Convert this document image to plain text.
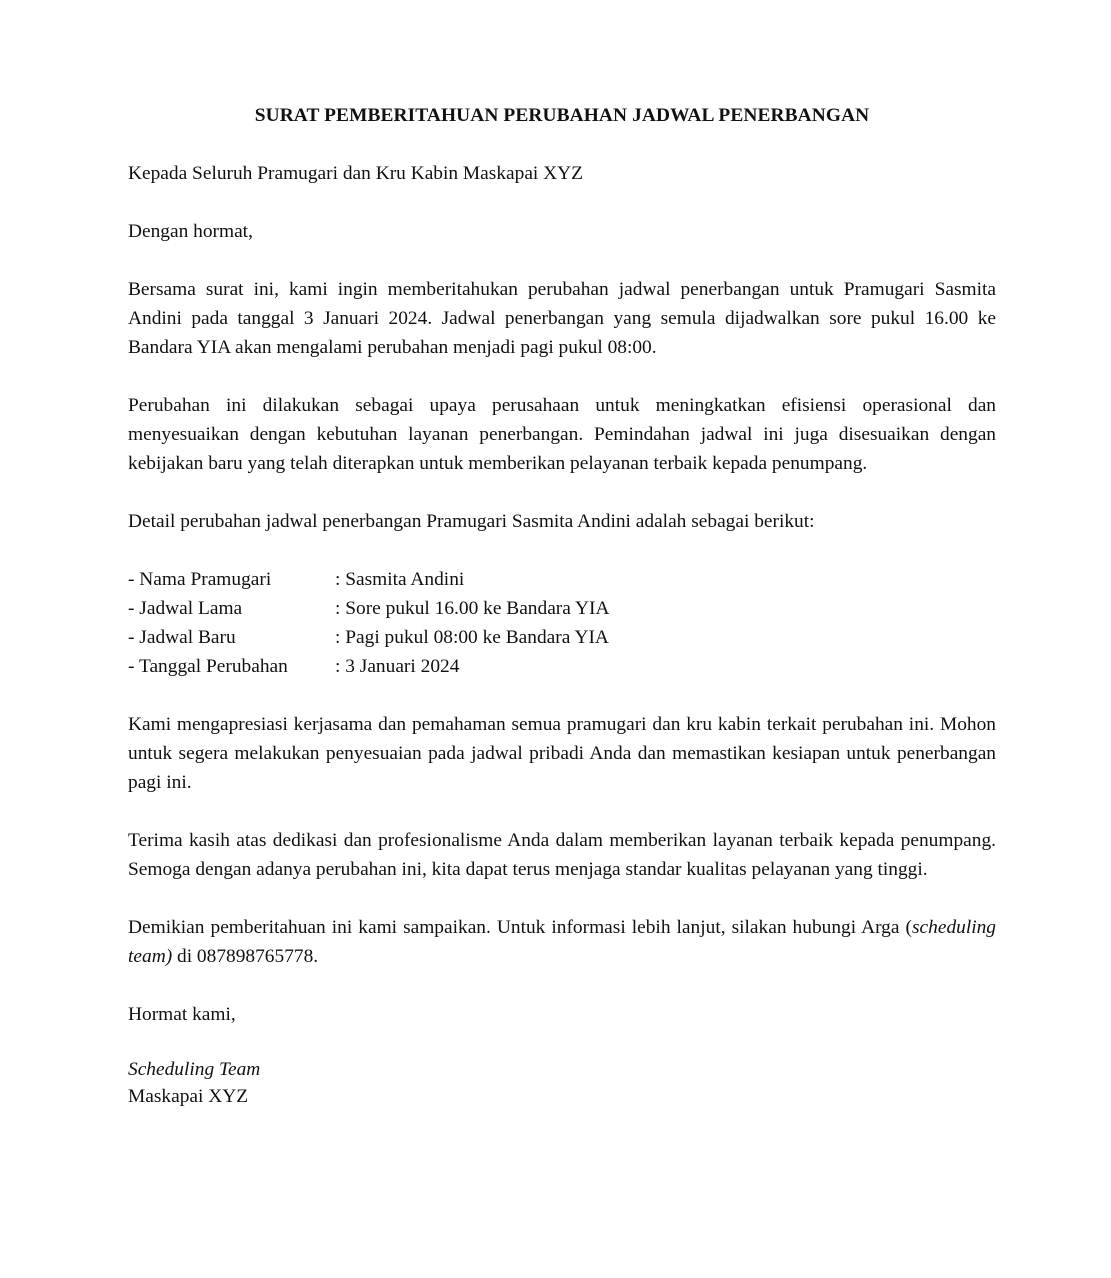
SURAT PEMBERITAHUAN PERUBAHAN JADWAL PENERBANGAN

Kepada Seluruh Pramugari dan Kru Kabin Maskapai XYZ

Dengan hormat,

Bersama surat ini, kami ingin memberitahukan perubahan jadwal penerbangan untuk Pramugari Sasmita Andini pada tanggal 3 Januari 2024. Jadwal penerbangan yang semula dijadwalkan sore pukul 16.00 ke Bandara YIA akan mengalami perubahan menjadi pagi pukul 08:00.

Perubahan ini dilakukan sebagai upaya perusahaan untuk meningkatkan efisiensi operasional dan menyesuaikan dengan kebutuhan layanan penerbangan. Pemindahan jadwal ini juga disesuaikan dengan kebijakan baru yang telah diterapkan untuk memberikan pelayanan terbaik kepada penumpang.

Detail perubahan jadwal penerbangan Pramugari Sasmita Andini adalah sebagai berikut:

- Nama Pramugari	: Sasmita Andini
- Jadwal Lama	: Sore pukul 16.00 ke Bandara YIA
- Jadwal Baru	: Pagi pukul 08:00 ke Bandara YIA
- Tanggal Perubahan	: 3 Januari 2024

Kami mengapresiasi kerjasama dan pemahaman semua pramugari dan kru kabin terkait perubahan ini. Mohon untuk segera melakukan penyesuaian pada jadwal pribadi Anda dan memastikan kesiapan untuk penerbangan pagi ini.

Terima kasih atas dedikasi dan profesionalisme Anda dalam memberikan layanan terbaik kepada penumpang. Semoga dengan adanya perubahan ini, kita dapat terus menjaga standar kualitas pelayanan yang tinggi.

Demikian pemberitahuan ini kami sampaikan. Untuk informasi lebih lanjut, silakan hubungi Arga (scheduling team) di 087898765778.

Hormat kami,
Scheduling Team
Maskapai XYZ
